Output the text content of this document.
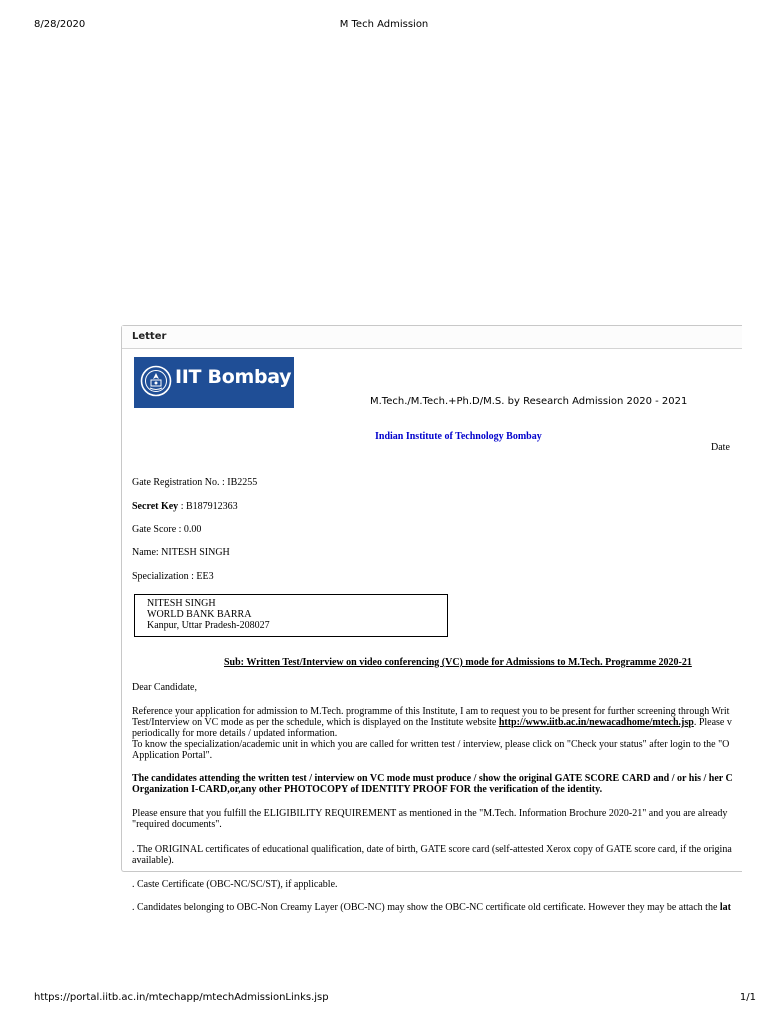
8/28/2020	M Tech Admission
Letter
IIT Bombay
M.Tech./M.Tech.+Ph.D/M.S. by Research Admission 2020 - 2021
Indian Institute of Technology Bombay
Date
Gate Registration No. : IB2255
Secret Key : B187912363
Gate Score : 0.00
Name: NITESH SINGH
Specialization : EE3
NITESH SINGH
WORLD BANK BARRA
Kanpur, Uttar Pradesh-208027
Sub: Written Test/Interview on video conferencing (VC) mode for Admissions to M.Tech. Programme 2020-21
Dear Candidate,
Reference your application for admission to M.Tech. programme of this Institute, I am to request you to be present for further screening through Writ
Test/Interview on VC mode as per the schedule, which is displayed on the Institute website http://www.iitb.ac.in/newacadhome/mtech.jsp. Please v
periodically for more details / updated information.
To know the specialization/academic unit in which you are called for written test / interview, please click on "Check your status" after login to the "O
Application Portal".
The candidates attending the written test / interview on VC mode must produce / show the original GATE SCORE CARD and / or his / her C
Organization I-CARD,or,any other PHOTOCOPY of IDENTITY PROOF FOR the verification of the identity.
Please ensure that you fulfill the ELIGIBILITY REQUIREMENT as mentioned in the "M.Tech. Information Brochure 2020-21" and you are already
"required documents".
. The ORIGINAL certificates of educational qualification, date of birth, GATE score card (self-attested Xerox copy of GATE score card, if the origina
available).
. Caste Certificate (OBC-NC/SC/ST), if applicable.
. Candidates belonging to OBC-Non Creamy Layer (OBC-NC) may show the OBC-NC certificate old certificate. However they may be attach the lat
https://portal.iitb.ac.in/mtechapp/mtechAdmissionLinks.jsp	1/1
